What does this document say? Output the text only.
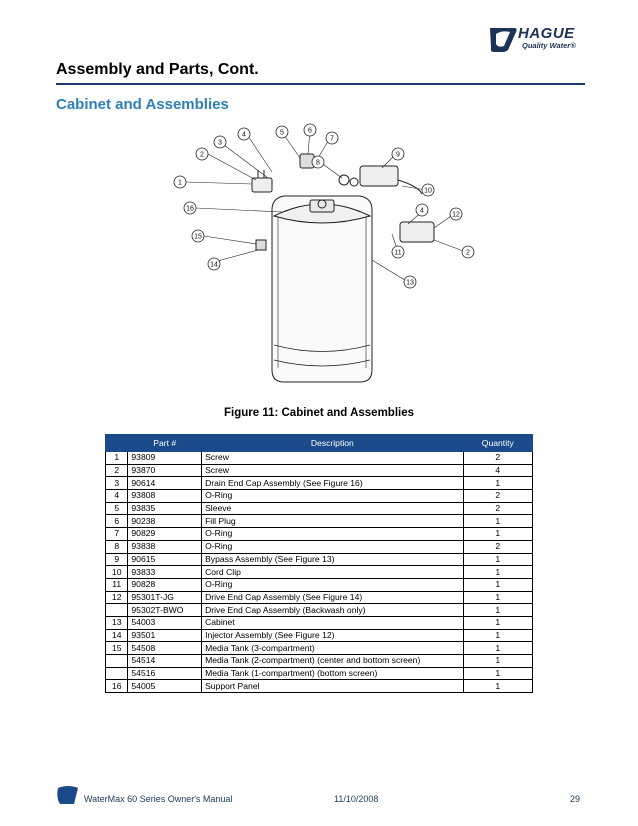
HAGUE
Quality Water®
Assembly and Parts, Cont.
Cabinet and Assemblies
1
2
3
4	5	6
7
8
9
10
4
12
11	2
13
16
15
14
Figure 11: Cabinet and Assemblies
	Part #	Description	Quantity
1	93809	Screw	2
2	93870	Screw	4
3	90614	Drain End Cap Assembly (See Figure 16)	1
4	93808	O-Ring	2
5	93835	Sleeve	2
6	90238	Fill Plug	1
7	90829	O-Ring	1
8	93838	O-Ring	2
9	90615	Bypass Assembly (See Figure 13)	1
10	93833	Cord Clip	1
11	90828	O-Ring	1
12	95301T-JG	Drive End Cap Assembly (See Figure 14)	1
	95302T-BWO	Drive End Cap Assembly (Backwash only)	1
13	54003	Cabinet	1
14	93501	Injector Assembly (See Figure 12)	1
15	54508	Media Tank (3-compartment)	1
	54514	Media Tank (2-compartment) (center and bottom screen)	1
	54516	Media Tank (1-compartment) (bottom screen)	1
16	54005	Support Panel	1
WaterMax 60 Series Owner's Manual	11/10/2008	29
